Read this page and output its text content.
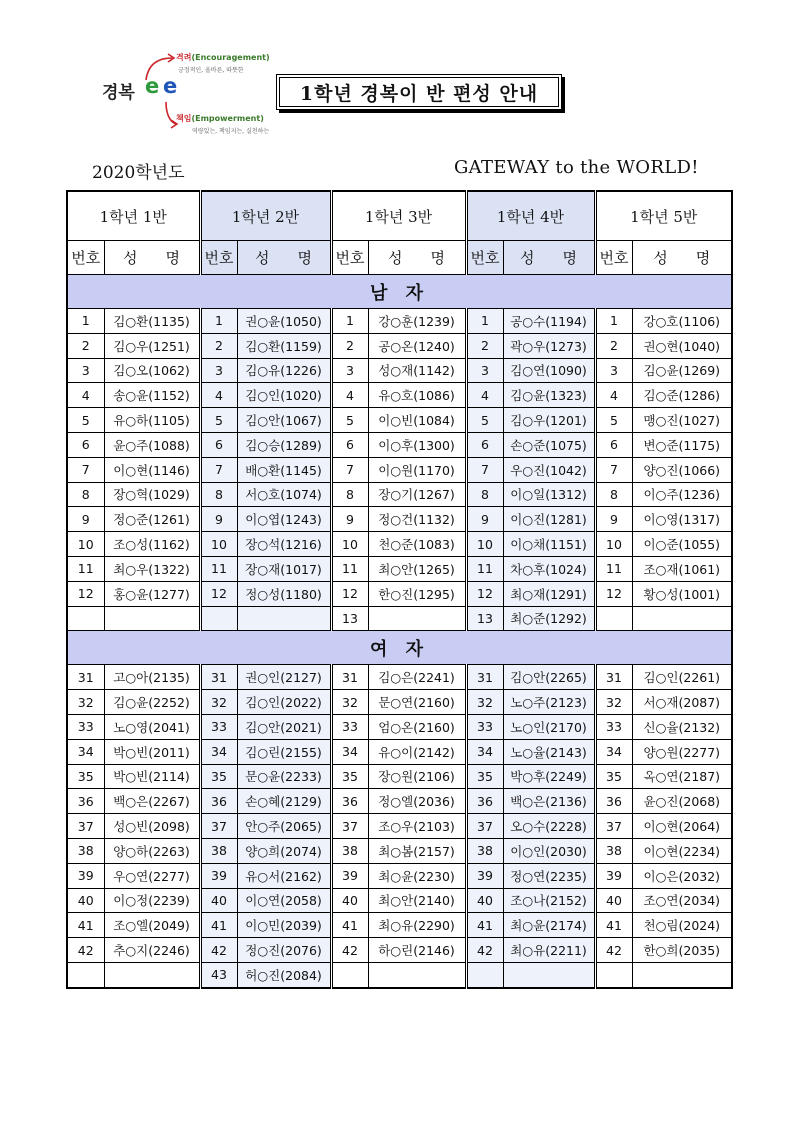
경복 e e
격려(Encouragement)
긍정적인, 올바른, 따뜻한
책임(Empowerment)
역량있는, 책임지는, 실천하는
1학년 경복이 반 편성 안내
2020학년도	GATEWAY to the WORLD!
1학년 1반		1학년 2반		1학년 3반		1학년 4반		1학년 5반	
번호	성 명	번호	성 명	번호	성 명	번호	성 명	번호	성 명
남 자									
1	김○환(1135)	1	권○윤(1050)	1	강○훈(1239)	1	공○수(1194)	1	강○호(1106)
2	김○우(1251)	2	김○환(1159)	2	공○온(1240)	2	곽○우(1273)	2	권○현(1040)
3	김○오(1062)	3	김○유(1226)	3	성○재(1142)	3	김○연(1090)	3	김○윤(1269)
4	송○윤(1152)	4	김○인(1020)	4	유○호(1086)	4	김○윤(1323)	4	김○준(1286)
5	유○하(1105)	5	김○안(1067)	5	이○빈(1084)	5	김○우(1201)	5	맹○진(1027)
6	윤○주(1088)	6	김○승(1289)	6	이○후(1300)	6	손○준(1075)	6	변○준(1175)
7	이○현(1146)	7	배○환(1145)	7	이○원(1170)	7	우○진(1042)	7	양○진(1066)
8	장○혁(1029)	8	서○호(1074)	8	장○기(1267)	8	이○일(1312)	8	이○주(1236)
9	정○준(1261)	9	이○엽(1243)	9	정○건(1132)	9	이○진(1281)	9	이○영(1317)
10	조○성(1162)	10	장○석(1216)	10	천○준(1083)	10	이○채(1151)	10	이○준(1055)
11	최○우(1322)	11	장○재(1017)	11	최○안(1265)	11	차○후(1024)	11	조○재(1061)
12	홍○윤(1277)	12	정○성(1180)	12	한○진(1295)	12	최○재(1291)	12	황○성(1001)
				13		13	최○준(1292)		
여 자									
31	고○아(2135)	31	권○인(2127)	31	김○은(2241)	31	김○안(2265)	31	김○인(2261)
32	김○윤(2252)	32	김○인(2022)	32	문○연(2160)	32	노○주(2123)	32	서○재(2087)
33	노○영(2041)	33	김○안(2021)	33	엄○온(2160)	33	노○인(2170)	33	신○율(2132)
34	박○빈(2011)	34	김○린(2155)	34	유○이(2142)	34	노○율(2143)	34	양○원(2277)
35	박○빈(2114)	35	문○윤(2233)	35	장○원(2106)	35	박○후(2249)	35	옥○연(2187)
36	백○은(2267)	36	손○혜(2129)	36	정○엘(2036)	36	백○은(2136)	36	윤○진(2068)
37	성○빈(2098)	37	안○주(2065)	37	조○우(2103)	37	오○수(2228)	37	이○현(2064)
38	양○하(2263)	38	양○희(2074)	38	최○봄(2157)	38	이○인(2030)	38	이○현(2234)
39	우○연(2277)	39	유○서(2162)	39	최○윤(2230)	39	정○연(2235)	39	이○은(2032)
40	이○정(2239)	40	이○연(2058)	40	최○안(2140)	40	조○나(2152)	40	조○연(2034)
41	조○엘(2049)	41	이○민(2039)	41	최○유(2290)	41	최○윤(2174)	41	천○림(2024)
42	추○지(2246)	42	정○진(2076)	42	하○린(2146)	42	최○유(2211)	42	한○희(2035)
		43	허○진(2084)						
